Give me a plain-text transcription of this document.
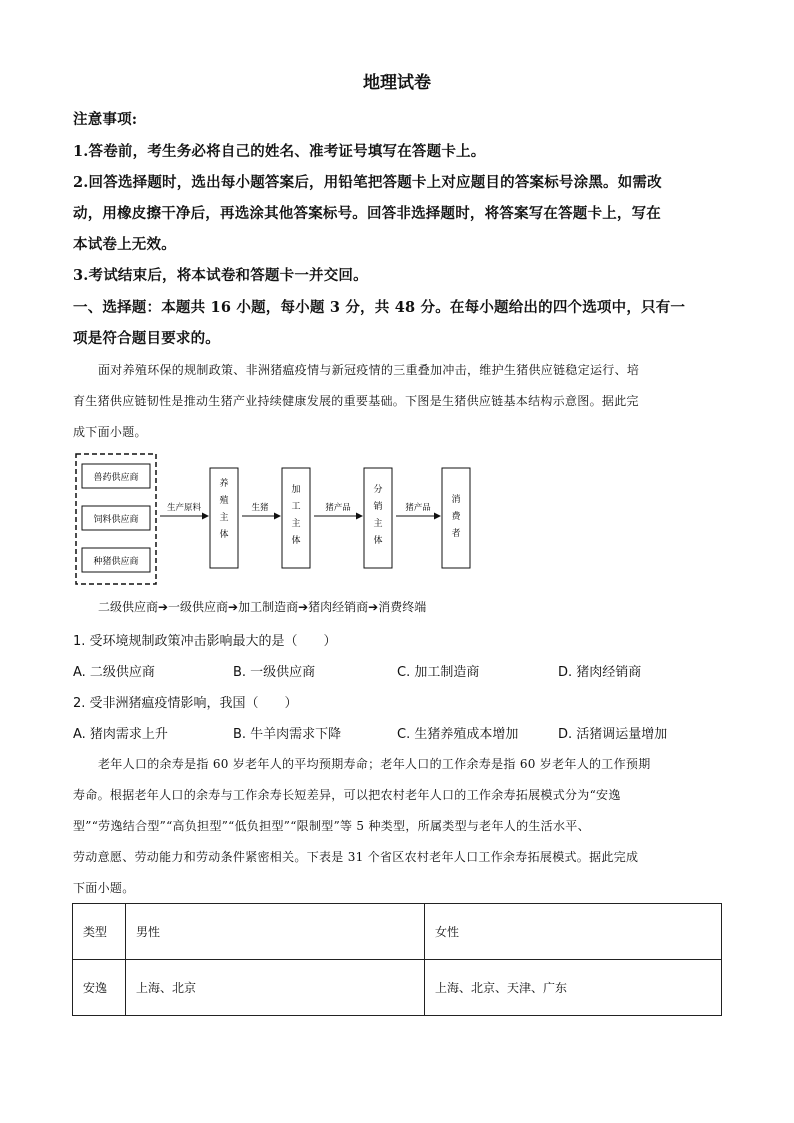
地理试卷
注意事项:
1.答卷前，考生务必将自己的姓名、准考证号填写在答题卡上。
2.回答选择题时，选出每小题答案后，用铅笔把答题卡上对应题目的答案标号涂黑。如需改
动，用橡皮擦干净后，再选涂其他答案标号。回答非选择题时，将答案写在答题卡上，写在
本试卷上无效。
3.考试结束后，将本试卷和答题卡一并交回。
一、选择题：本题共 16 小题，每小题 3 分，共 48 分。在每小题给出的四个选项中，只有一
项是符合题目要求的。
面对养殖环保的规制政策、非洲猪瘟疫情与新冠疫情的三重叠加冲击，维护生猪供应链稳定运行、培
育生猪供应链韧性是推动生猪产业持续健康发展的重要基础。下图是生猪供应链基本结构示意图。据此完
成下面小题。
兽药供应商
饲料供应商
种猪供应商
生产原料
养殖主体
生猪
加工主体
猪产品
分销主体
猪产品
消费者
二级供应商➔一级供应商➔加工制造商➔猪肉经销商➔消费终端
1. 受环境规制政策冲击影响最大的是（　　）
A. 二级供应商	B. 一级供应商	C. 加工制造商	D. 猪肉经销商
2. 受非洲猪瘟疫情影响，我国（　　）
A. 猪肉需求上升	B. 牛羊肉需求下降	C. 生猪养殖成本增加	D. 活猪调运量增加
老年人口的余寿是指 60 岁老年人的平均预期寿命；老年人口的工作余寿是指 60 岁老年人的工作预期
寿命。根据老年人口的余寿与工作余寿长短差异，可以把农村老年人口的工作余寿拓展模式分为“安逸
型”“劳逸结合型”“高负担型”“低负担型”“限制型”等 5 种类型，所属类型与老年人的生活水平、
劳动意愿、劳动能力和劳动条件紧密相关。下表是 31 个省区农村老年人口工作余寿拓展模式。据此完成
下面小题。
类型	男性	女性
安逸	上海、北京	上海、北京、天津、广东
